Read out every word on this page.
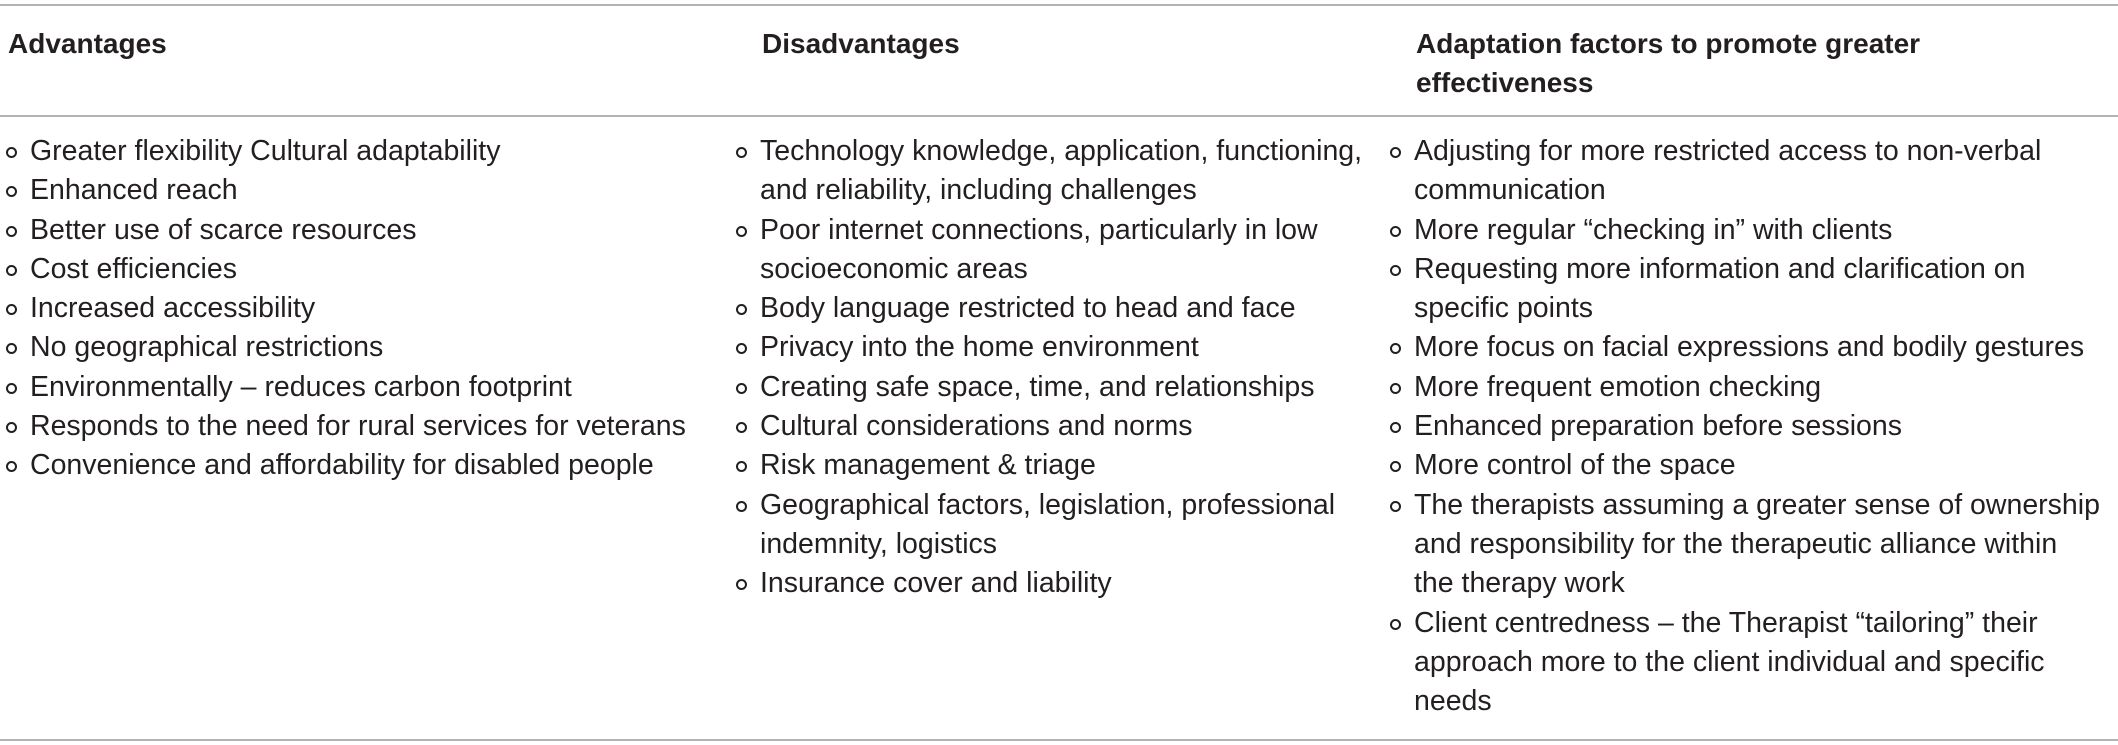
Advantages	Disadvantages	Adaptation factors to promote greater effectiveness
Greater flexibility Cultural adaptability
Enhanced reach
Better use of scarce resources
Cost efficiencies
Increased accessibility
No geographical restrictions
Environmentally – reduces carbon footprint
Responds to the need for rural services for veterans
Convenience and affordability for disabled people
Technology knowledge, application, functioning, and reliability, including challenges
Poor internet connections, particularly in low socioeconomic areas
Body language restricted to head and face
Privacy into the home environment
Creating safe space, time, and relationships
Cultural considerations and norms
Risk management & triage
Geographical factors, legislation, professional indemnity, logistics
Insurance cover and liability
Adjusting for more restricted access to non-verbal communication
More regular “checking in” with clients
Requesting more information and clarification on specific points
More focus on facial expressions and bodily gestures
More frequent emotion checking
Enhanced preparation before sessions
More control of the space
The therapists assuming a greater sense of ownership and responsibility for the therapeutic alliance within the therapy work
Client centredness – the Therapist “tailoring” their approach more to the client individual and specific needs
